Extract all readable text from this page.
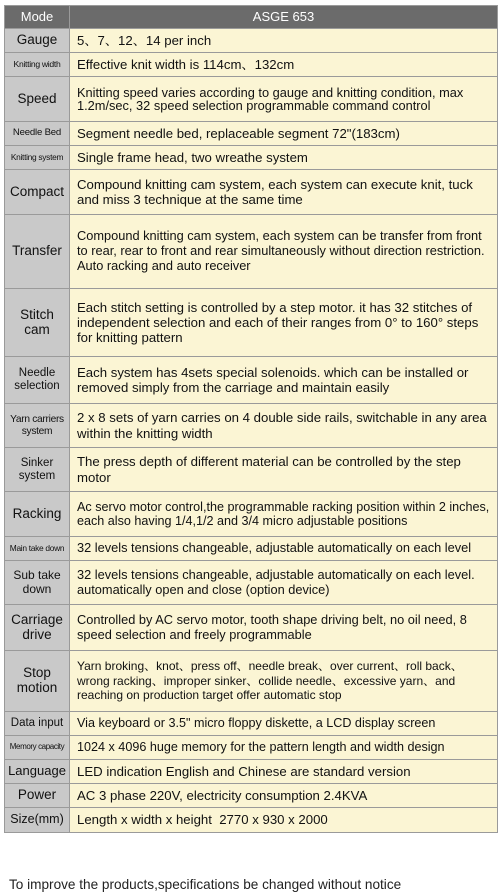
Mode	ASGE 653
Gauge	5、7、12、14 per inch
Knitting width	Effective knit width is 114cm、132cm
Speed	Knitting speed varies according to gauge and knitting condition, max 1.2m/sec, 32 speed selection programmable command control
Needle Bed	Segment needle bed, replaceable segment 72"(183cm)
Knitting system	Single frame head, two wreathe system
Compact	Compound knitting cam system, each system can execute knit, tuck and miss 3 technique at the same time
Transfer	Compound knitting cam system, each system can be transfer from front to rear, rear to front and rear simultaneously without direction restriction. Auto racking and auto receiver
Stitch cam	Each stitch setting is controlled by a step motor. it has 32 stitches of independent selection and each of their ranges from 0° to 160° steps for knitting pattern
Needle selection	Each system has 4sets special solenoids. which can be installed or removed simply from the carriage and maintain easily
Yarn carriers system	2 x 8 sets of yarn carries on 4 double side rails, switchable in any area within the knitting width
Sinker system	The press depth of different material can be controlled by the step motor
Racking	Ac servo motor control,the programmable racking position within 2 inches, each also having 1/4,1/2 and 3/4 micro adjustable positions
Main take down	32 levels tensions changeable, adjustable automatically on each level
Sub take down	32 levels tensions changeable, adjustable automatically on each level. automatically open and close (option device)
Carriage drive	Controlled by AC servo motor, tooth shape driving belt, no oil need, 8 speed selection and freely programmable
Stop motion	Yarn broking、knot、press off、needle break、over current、roll back、wrong racking、improper sinker、collide needle、excessive yarn、and reaching on production target offer automatic stop
Data input	Via keyboard or 3.5" micro floppy diskette, a LCD display screen
Memory capacity	1024 x 4096 huge memory for the pattern length and width design
Language	LED indication English and Chinese are standard version
Power	AC 3 phase 220V, electricity consumption 2.4KVA
Size(mm)	Length x width x height  2770 x 930 x 2000
To improve the products,specifications be changed without notice
